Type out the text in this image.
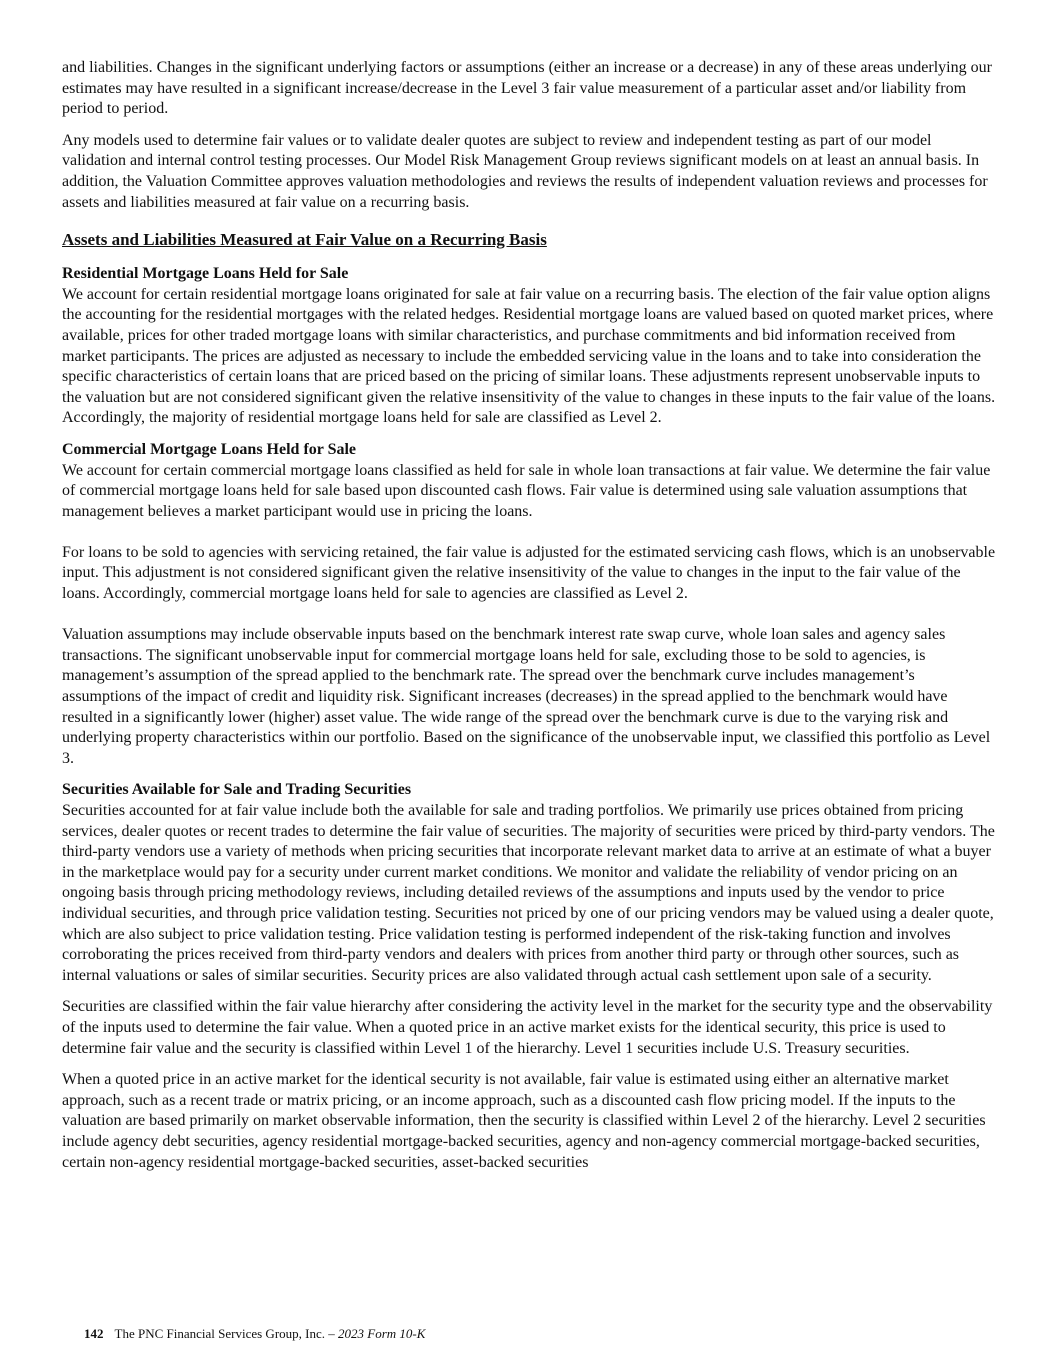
and liabilities. Changes in the significant underlying factors or assumptions (either an increase or a decrease) in any of these areas underlying our estimates may have resulted in a significant increase/decrease in the Level 3 fair value measurement of a particular asset and/or liability from period to period.

Any models used to determine fair values or to validate dealer quotes are subject to review and independent testing as part of our model validation and internal control testing processes. Our Model Risk Management Group reviews significant models on at least an annual basis. In addition, the Valuation Committee approves valuation methodologies and reviews the results of independent valuation reviews and processes for assets and liabilities measured at fair value on a recurring basis.

Assets and Liabilities Measured at Fair Value on a Recurring Basis
Residential Mortgage Loans Held for Sale
We account for certain residential mortgage loans originated for sale at fair value on a recurring basis. The election of the fair value option aligns the accounting for the residential mortgages with the related hedges. Residential mortgage loans are valued based on quoted market prices, where available, prices for other traded mortgage loans with similar characteristics, and purchase commitments and bid information received from market participants. The prices are adjusted as necessary to include the embedded servicing value in the loans and to take into consideration the specific characteristics of certain loans that are priced based on the pricing of similar loans. These adjustments represent unobservable inputs to the valuation but are not considered significant given the relative insensitivity of the value to changes in these inputs to the fair value of the loans. Accordingly, the majority of residential mortgage loans held for sale are classified as Level 2.
Commercial Mortgage Loans Held for Sale

We account for certain commercial mortgage loans classified as held for sale in whole loan transactions at fair value. We determine the fair value of commercial mortgage loans held for sale based upon discounted cash flows. Fair value is determined using sale valuation assumptions that management believes a market participant would use in pricing the loans.

For loans to be sold to agencies with servicing retained, the fair value is adjusted for the estimated servicing cash flows, which is an unobservable input. This adjustment is not considered significant given the relative insensitivity of the value to changes in the input to the fair value of the loans. Accordingly, commercial mortgage loans held for sale to agencies are classified as Level 2.

Valuation assumptions may include observable inputs based on the benchmark interest rate swap curve, whole loan sales and agency sales transactions. The significant unobservable input for commercial mortgage loans held for sale, excluding those to be sold to agencies, is management’s assumption of the spread applied to the benchmark rate. The spread over the benchmark curve includes management’s assumptions of the impact of credit and liquidity risk. Significant increases (decreases) in the spread applied to the benchmark would have resulted in a significantly lower (higher) asset value. The wide range of the spread over the benchmark curve is due to the varying risk and underlying property characteristics within our portfolio. Based on the significance of the unobservable input, we classified this portfolio as Level 3.

Securities Available for Sale and Trading Securities

Securities accounted for at fair value include both the available for sale and trading portfolios. We primarily use prices obtained from pricing services, dealer quotes or recent trades to determine the fair value of securities. The majority of securities were priced by third-party vendors. The third-party vendors use a variety of methods when pricing securities that incorporate relevant market data to arrive at an estimate of what a buyer in the marketplace would pay for a security under current market conditions. We monitor and validate the reliability of vendor pricing on an ongoing basis through pricing methodology reviews, including detailed reviews of the assumptions and inputs used by the vendor to price individual securities, and through price validation testing. Securities not priced by one of our pricing vendors may be valued using a dealer quote, which are also subject to price validation testing. Price validation testing is performed independent of the risk-taking function and involves corroborating the prices received from third-party vendors and dealers with prices from another third party or through other sources, such as internal valuations or sales of similar securities. Security prices are also validated through actual cash settlement upon sale of a security.

Securities are classified within the fair value hierarchy after considering the activity level in the market for the security type and the observability of the inputs used to determine the fair value. When a quoted price in an active market exists for the identical security, this price is used to determine fair value and the security is classified within Level 1 of the hierarchy. Level 1 securities include U.S. Treasury securities.

When a quoted price in an active market for the identical security is not available, fair value is estimated using either an alternative market approach, such as a recent trade or matrix pricing, or an income approach, such as a discounted cash flow pricing model. If the inputs to the valuation are based primarily on market observable information, then the security is classified within Level 2 of the hierarchy. Level 2 securities include agency debt securities, agency residential mortgage-backed securities, agency and non-agency commercial mortgage-backed securities, certain non-agency residential mortgage-backed securities, asset-backed securities

142 The PNC Financial Services Group, Inc. – 2023 Form 10-K
